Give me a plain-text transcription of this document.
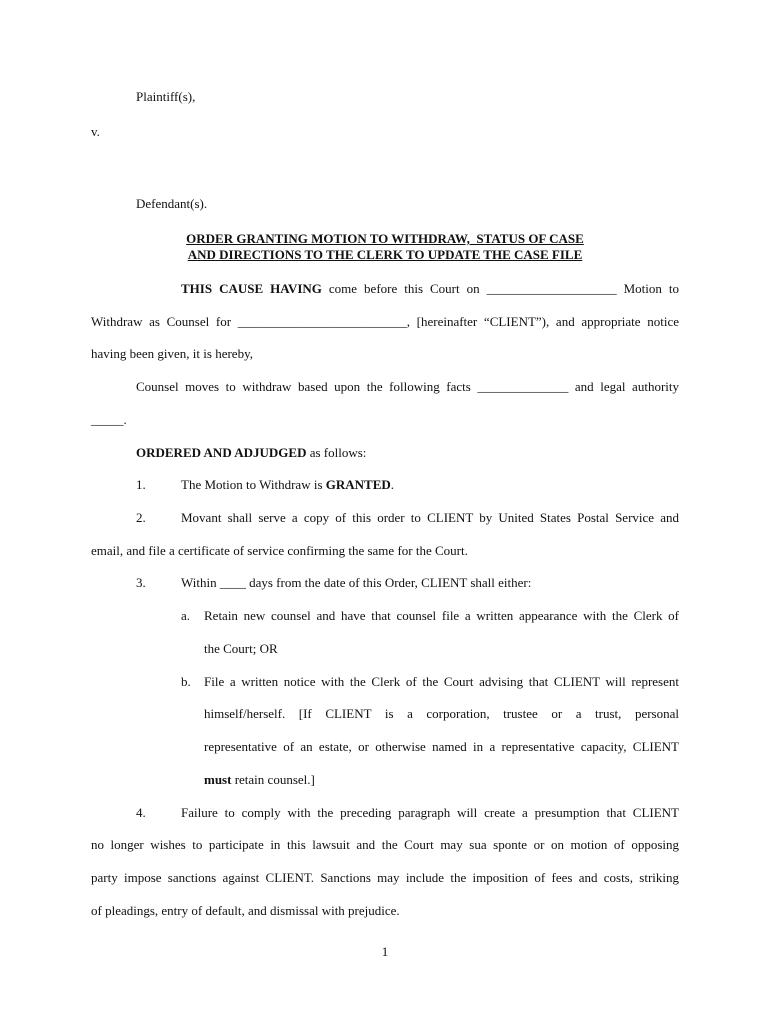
Plaintiff(s),
v.
Defendant(s).
ORDER GRANTING MOTION TO WITHDRAW,  STATUS OF CASE
AND DIRECTIONS TO THE CLERK TO UPDATE THE CASE FILE
THIS CAUSE HAVING come before this Court on ____________________ Motion to
Withdraw as Counsel for __________________________, [hereinafter “CLIENT”), and appropriate notice
having been given, it is hereby,
Counsel moves to withdraw based upon the following facts ______________ and legal authority
_____.
ORDERED AND ADJUDGED as follows:
1.	The Motion to Withdraw is GRANTED.
2.	Movant shall serve a copy of this order to CLIENT by United States Postal Service and
email, and file a certificate of service confirming the same for the Court.
3.	Within ____ days from the date of this Order, CLIENT shall either:
a. Retain new counsel and have that counsel file a written appearance with the Clerk of
the Court; OR
b. File a written notice with the Clerk of the Court advising that CLIENT will represent
himself/herself. [If CLIENT is a corporation, trustee or a trust, personal
representative of an estate, or otherwise named in a representative capacity, CLIENT
must retain counsel.]
4.	Failure to comply with the preceding paragraph will create a presumption that CLIENT
no longer wishes to participate in this lawsuit and the Court may sua sponte or on motion of opposing
party impose sanctions against CLIENT. Sanctions may include the imposition of fees and costs, striking
of pleadings, entry of default, and dismissal with prejudice.
1
